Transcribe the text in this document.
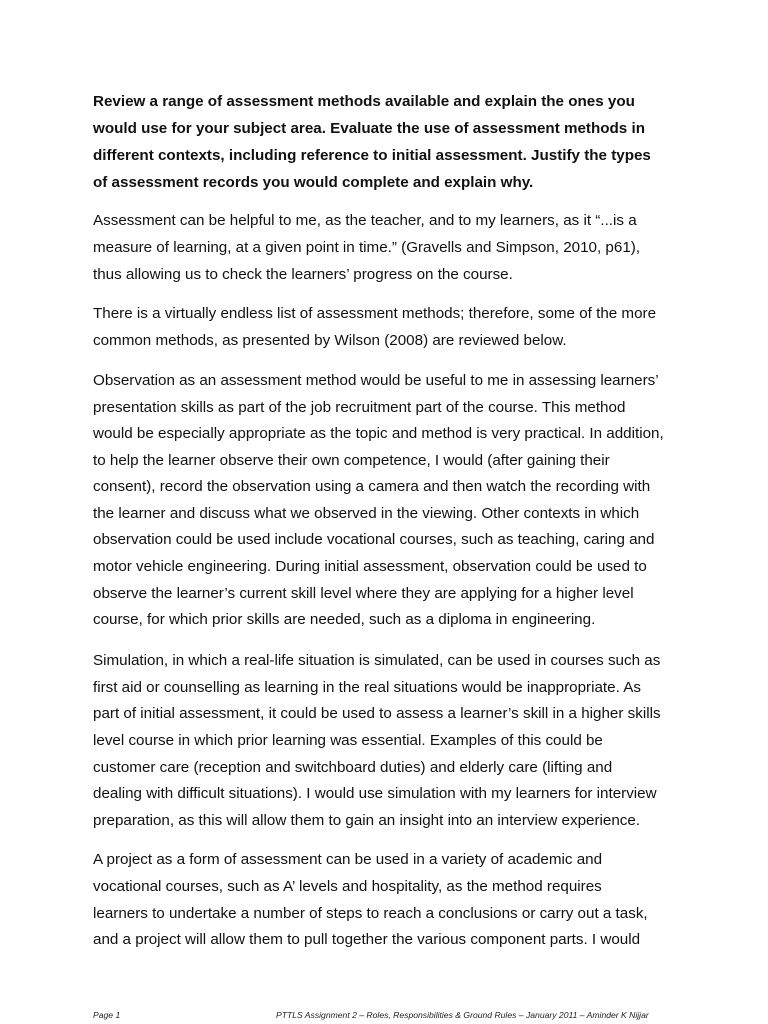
Review a range of assessment methods available and explain the ones you
would use for your subject area. Evaluate the use of assessment methods in
different contexts, including reference to initial assessment. Justify the types
of assessment records you would complete and explain why.
Assessment can be helpful to me, as the teacher, and to my learners, as it “...is a
measure of learning, at a given point in time.” (Gravells and Simpson, 2010, p61),
thus allowing us to check the learners’ progress on the course.
There is a virtually endless list of assessment methods; therefore, some of the more
common methods, as presented by Wilson (2008) are reviewed below.
Observation as an assessment method would be useful to me in assessing learners’
presentation skills as part of the job recruitment part of the course. This method
would be especially appropriate as the topic and method is very practical. In addition,
to help the learner observe their own competence, I would (after gaining their
consent), record the observation using a camera and then watch the recording with
the learner and discuss what we observed in the viewing. Other contexts in which
observation could be used include vocational courses, such as teaching, caring and
motor vehicle engineering. During initial assessment, observation could be used to
observe the learner’s current skill level where they are applying for a higher level
course, for which prior skills are needed, such as a diploma in engineering.
Simulation, in which a real-life situation is simulated, can be used in courses such as
first aid or counselling as learning in the real situations would be inappropriate. As
part of initial assessment, it could be used to assess a learner’s skill in a higher skills
level course in which prior learning was essential. Examples of this could be
customer care (reception and switchboard duties) and elderly care (lifting and
dealing with difficult situations). I would use simulation with my learners for interview
preparation, as this will allow them to gain an insight into an interview experience.
A project as a form of assessment can be used in a variety of academic and
vocational courses, such as A’ levels and hospitality, as the method requires
learners to undertake a number of steps to reach a conclusions or carry out a task,
and a project will allow them to pull together the various component parts. I would
Page 1	PTTLS Assignment 2 – Roles, Responsibilities & Ground Rules – January 2011 – Aminder K Nijjar
